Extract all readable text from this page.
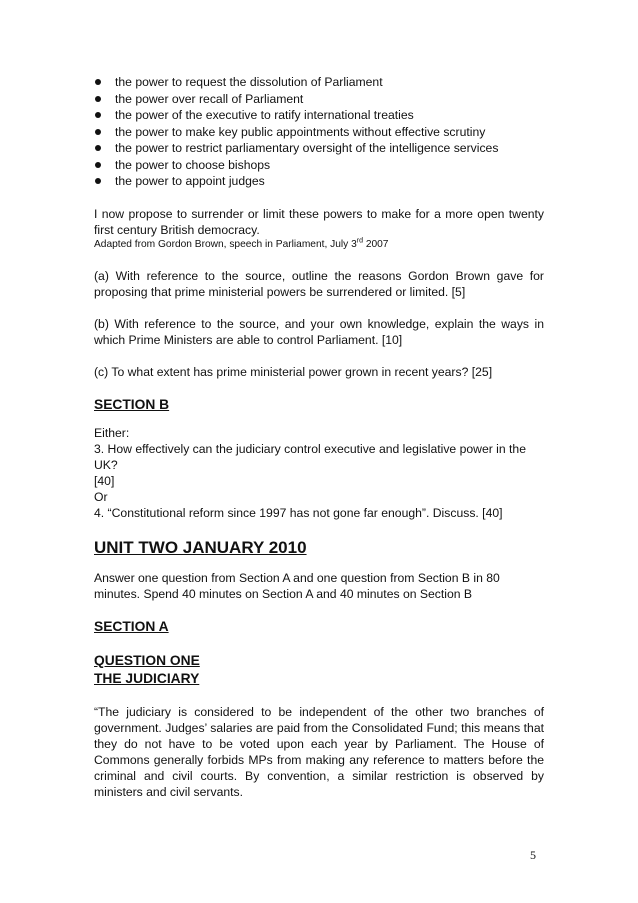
the power to request the dissolution of Parliament
the power over recall of Parliament
the power of the executive to ratify international treaties
the power to make key public appointments without effective scrutiny
the power to restrict parliamentary oversight of the intelligence services
the power to choose bishops
the power to appoint judges

I now propose to surrender or limit these powers to make for a more open twenty first century British democracy.

Adapted from Gordon Brown, speech in Parliament, July 3rd 2007

(a) With reference to the source, outline the reasons Gordon Brown gave for proposing that prime ministerial powers be surrendered or limited. [5]

(b) With reference to the source, and your own knowledge, explain the ways in which Prime Ministers are able to control Parliament. [10]

(c) To what extent has prime ministerial power grown in recent years? [25]

SECTION B

Either:

3. How effectively can the judiciary control executive and legislative power in the UK?

[40]

Or

4. “Constitutional reform since 1997 has not gone far enough”. Discuss. [40]

UNIT TWO JANUARY 2010

Answer one question from Section A and one question from Section B in 80 minutes. Spend 40 minutes on Section A and 40 minutes on Section B

SECTION A

QUESTION ONE

THE JUDICIARY

“The judiciary is considered to be independent of the other two branches of government. Judges’ salaries are paid from the Consolidated Fund; this means that they do not have to be voted upon each year by Parliament. The House of Commons generally forbids MPs from making any reference to matters before the criminal and civil courts. By convention, a similar restriction is observed by ministers and civil servants.

5
